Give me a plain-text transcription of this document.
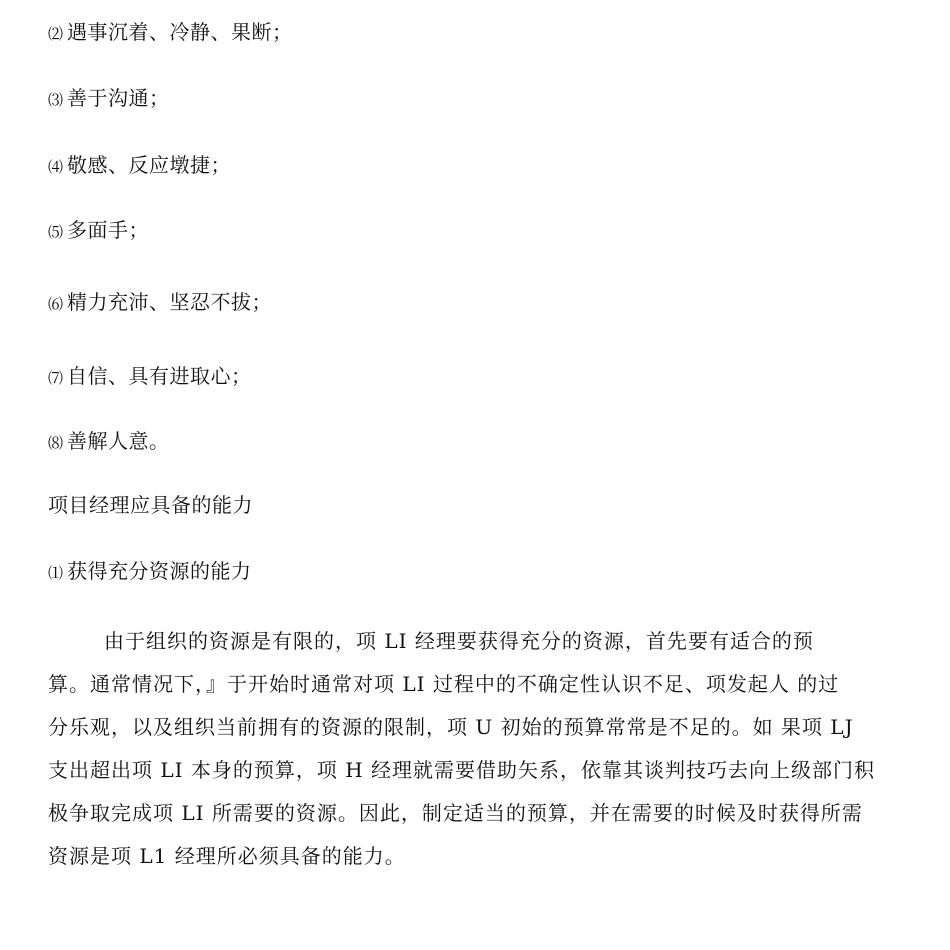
⑵ 遇事沉着、冷静、果断；
⑶ 善于沟通；
⑷ 敬感、反应墩捷；
⑸ 多面手；
⑹ 精力充沛、坚忍不拔；
⑺ 自信、具有进取心；
⑻ 善解人意。
项目经理应具备的能力
⑴ 获得充分资源的能力
由于组织的资源是有限的，项 LI 经理要获得充分的资源，首先要有适合的预
算。通常情况下，』于开始时通常对项 LI 过程中的不确定性认识不足、项发起人 的过
分乐观，以及组织当前拥有的资源的限制，项 U 初始的预算常常是不足的。如 果项 LJ
支出超出项 LI 本身的预算，项 H 经理就需要借助矢系，依靠其谈判技巧去向上级部门积
极争取完成项 LI 所需要的资源。因此，制定适当的预算，并在需要的时候及时获得所需
资源是项 L1 经理所必须具备的能力。
